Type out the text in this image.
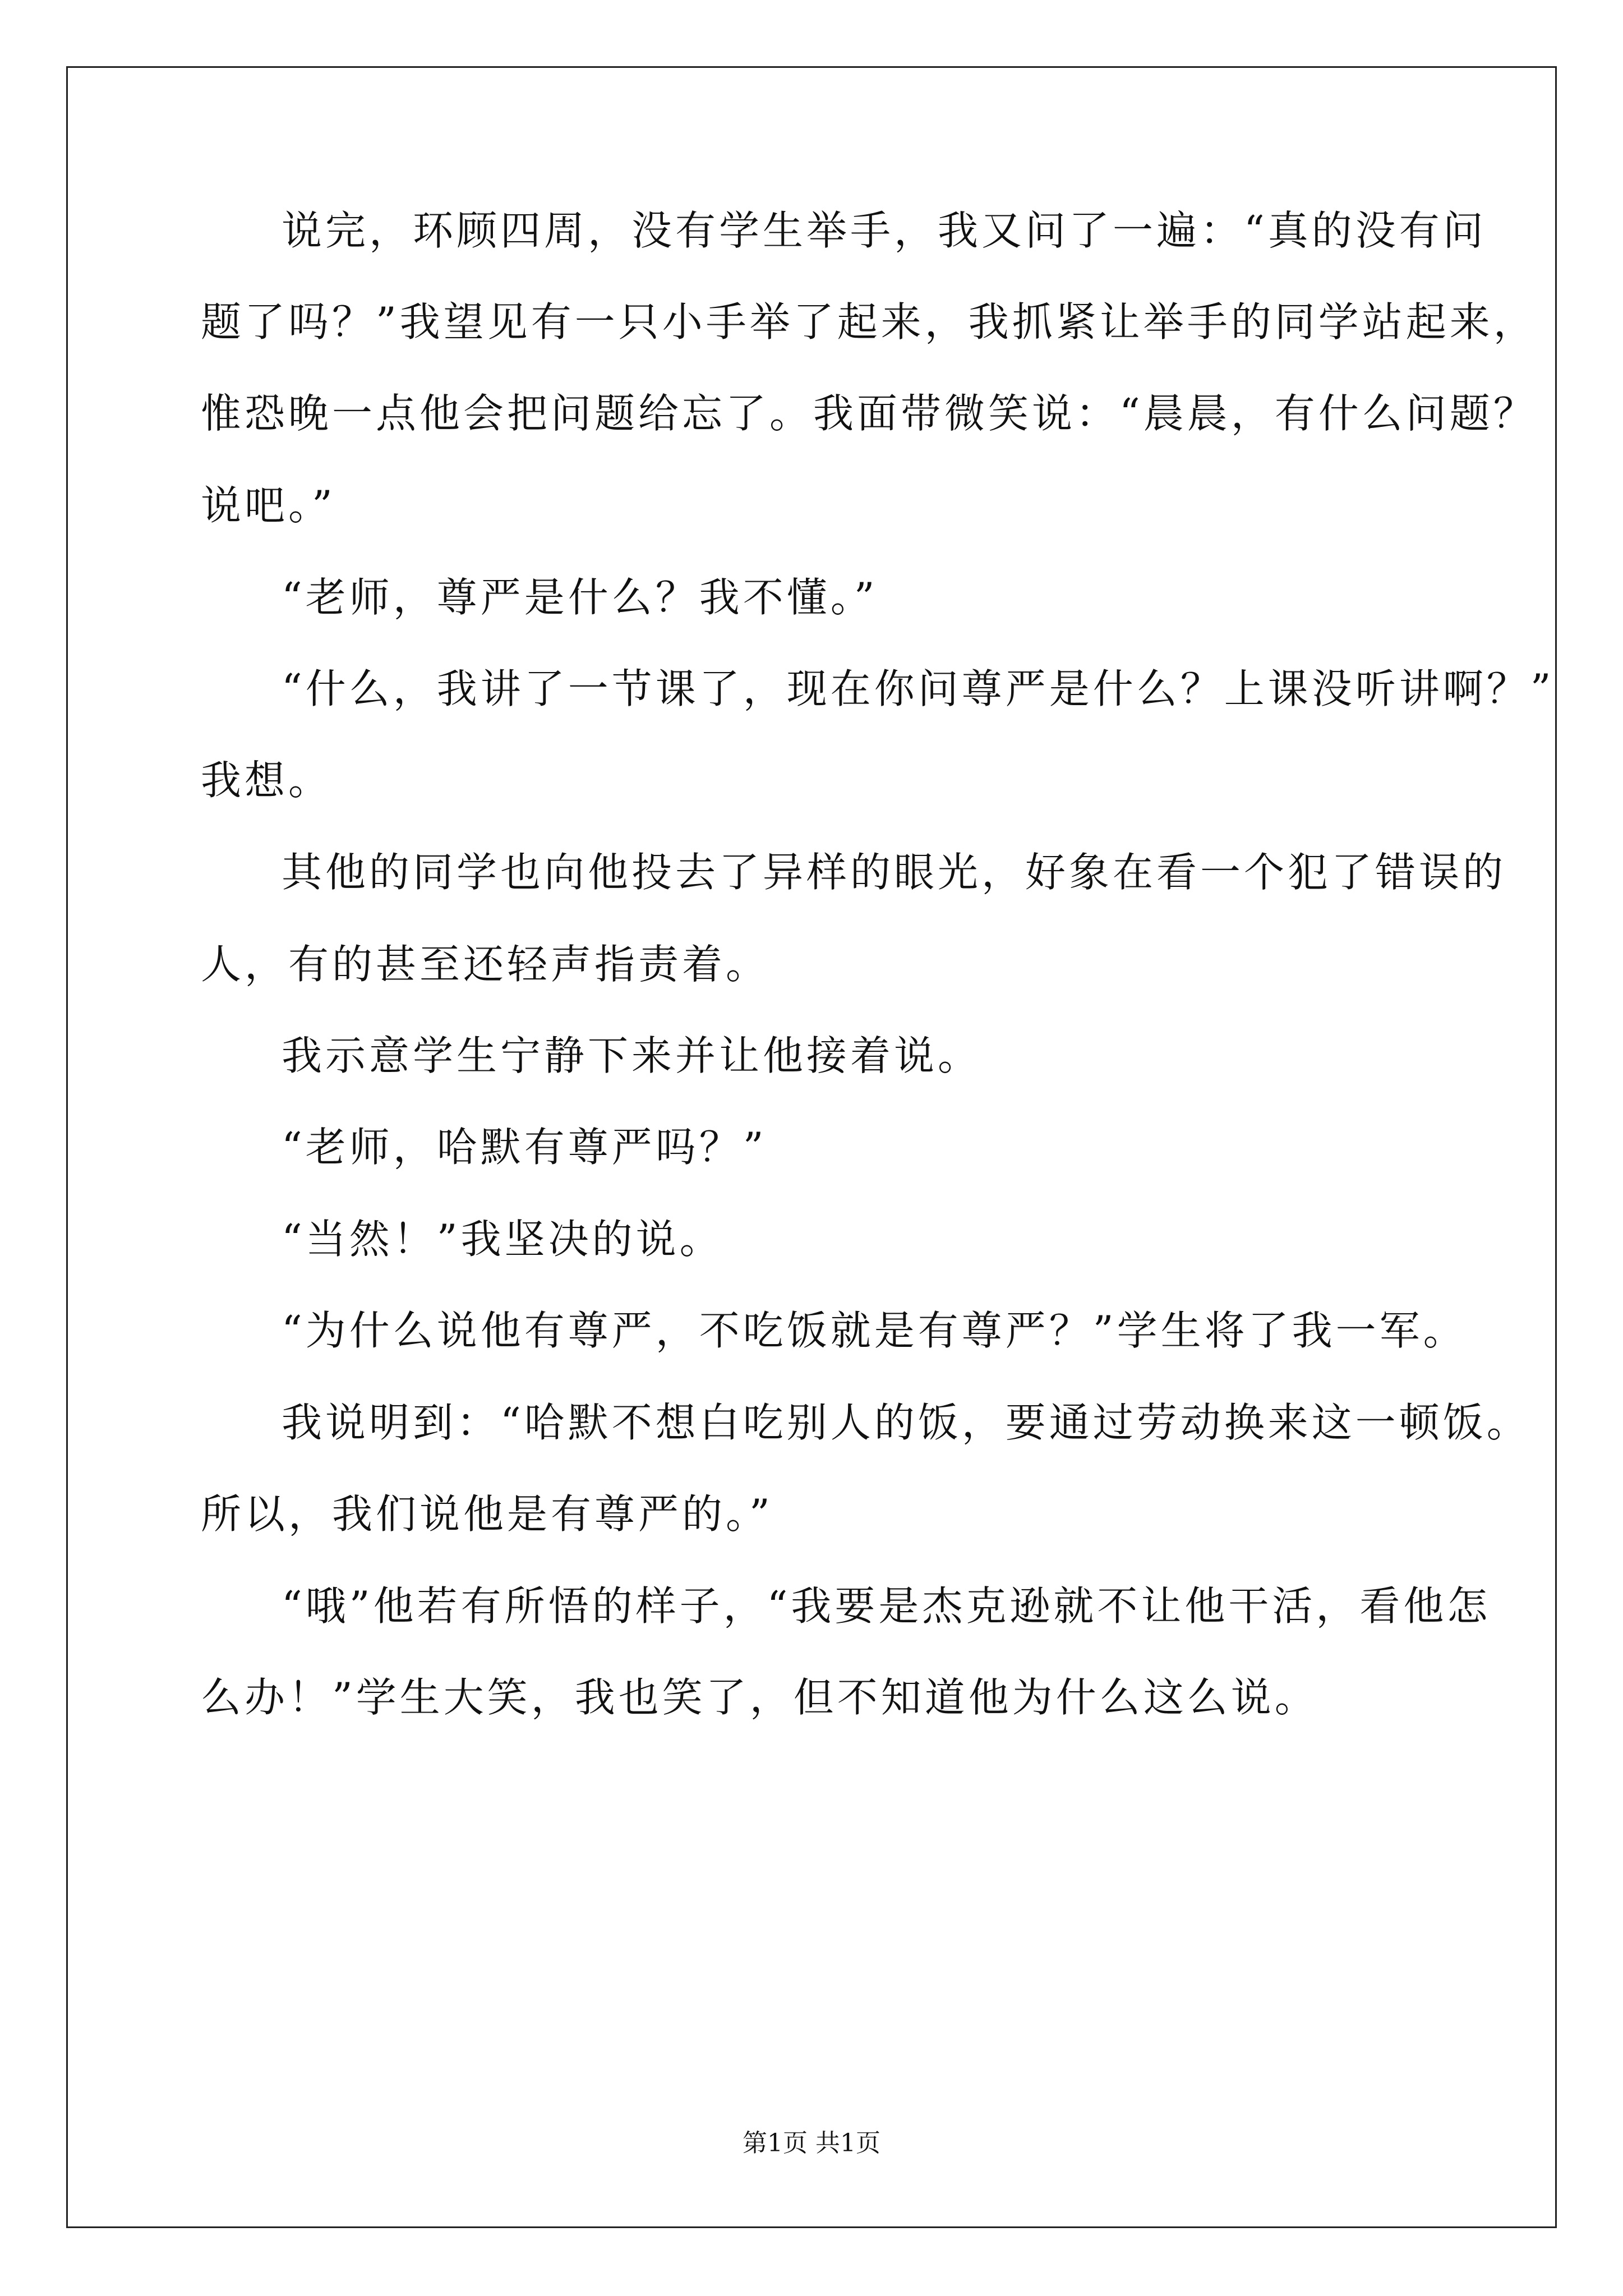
说完，环顾四周，没有学生举手，我又问了一遍：“真的没有问
题了吗？”我望见有一只小手举了起来，我抓紧让举手的同学站起来，
惟恐晚一点他会把问题给忘了。我面带微笑说：“晨晨，有什么问题？
说吧。”
“老师，尊严是什么？我不懂。”
“什么，我讲了一节课了，现在你问尊严是什么？上课没听讲啊？”
我想。
其他的同学也向他投去了异样的眼光，好象在看一个犯了错误的
人，有的甚至还轻声指责着。
我示意学生宁静下来并让他接着说。
“老师，哈默有尊严吗？”
“当然！”我坚决的说。
“为什么说他有尊严，不吃饭就是有尊严？”学生将了我一军。
我说明到：“哈默不想白吃别人的饭，要通过劳动换来这一顿饭。
所以，我们说他是有尊严的。”
“哦”他若有所悟的样子，“我要是杰克逊就不让他干活，看他怎
么办！”学生大笑，我也笑了，但不知道他为什么这么说。
第1页 共1页
